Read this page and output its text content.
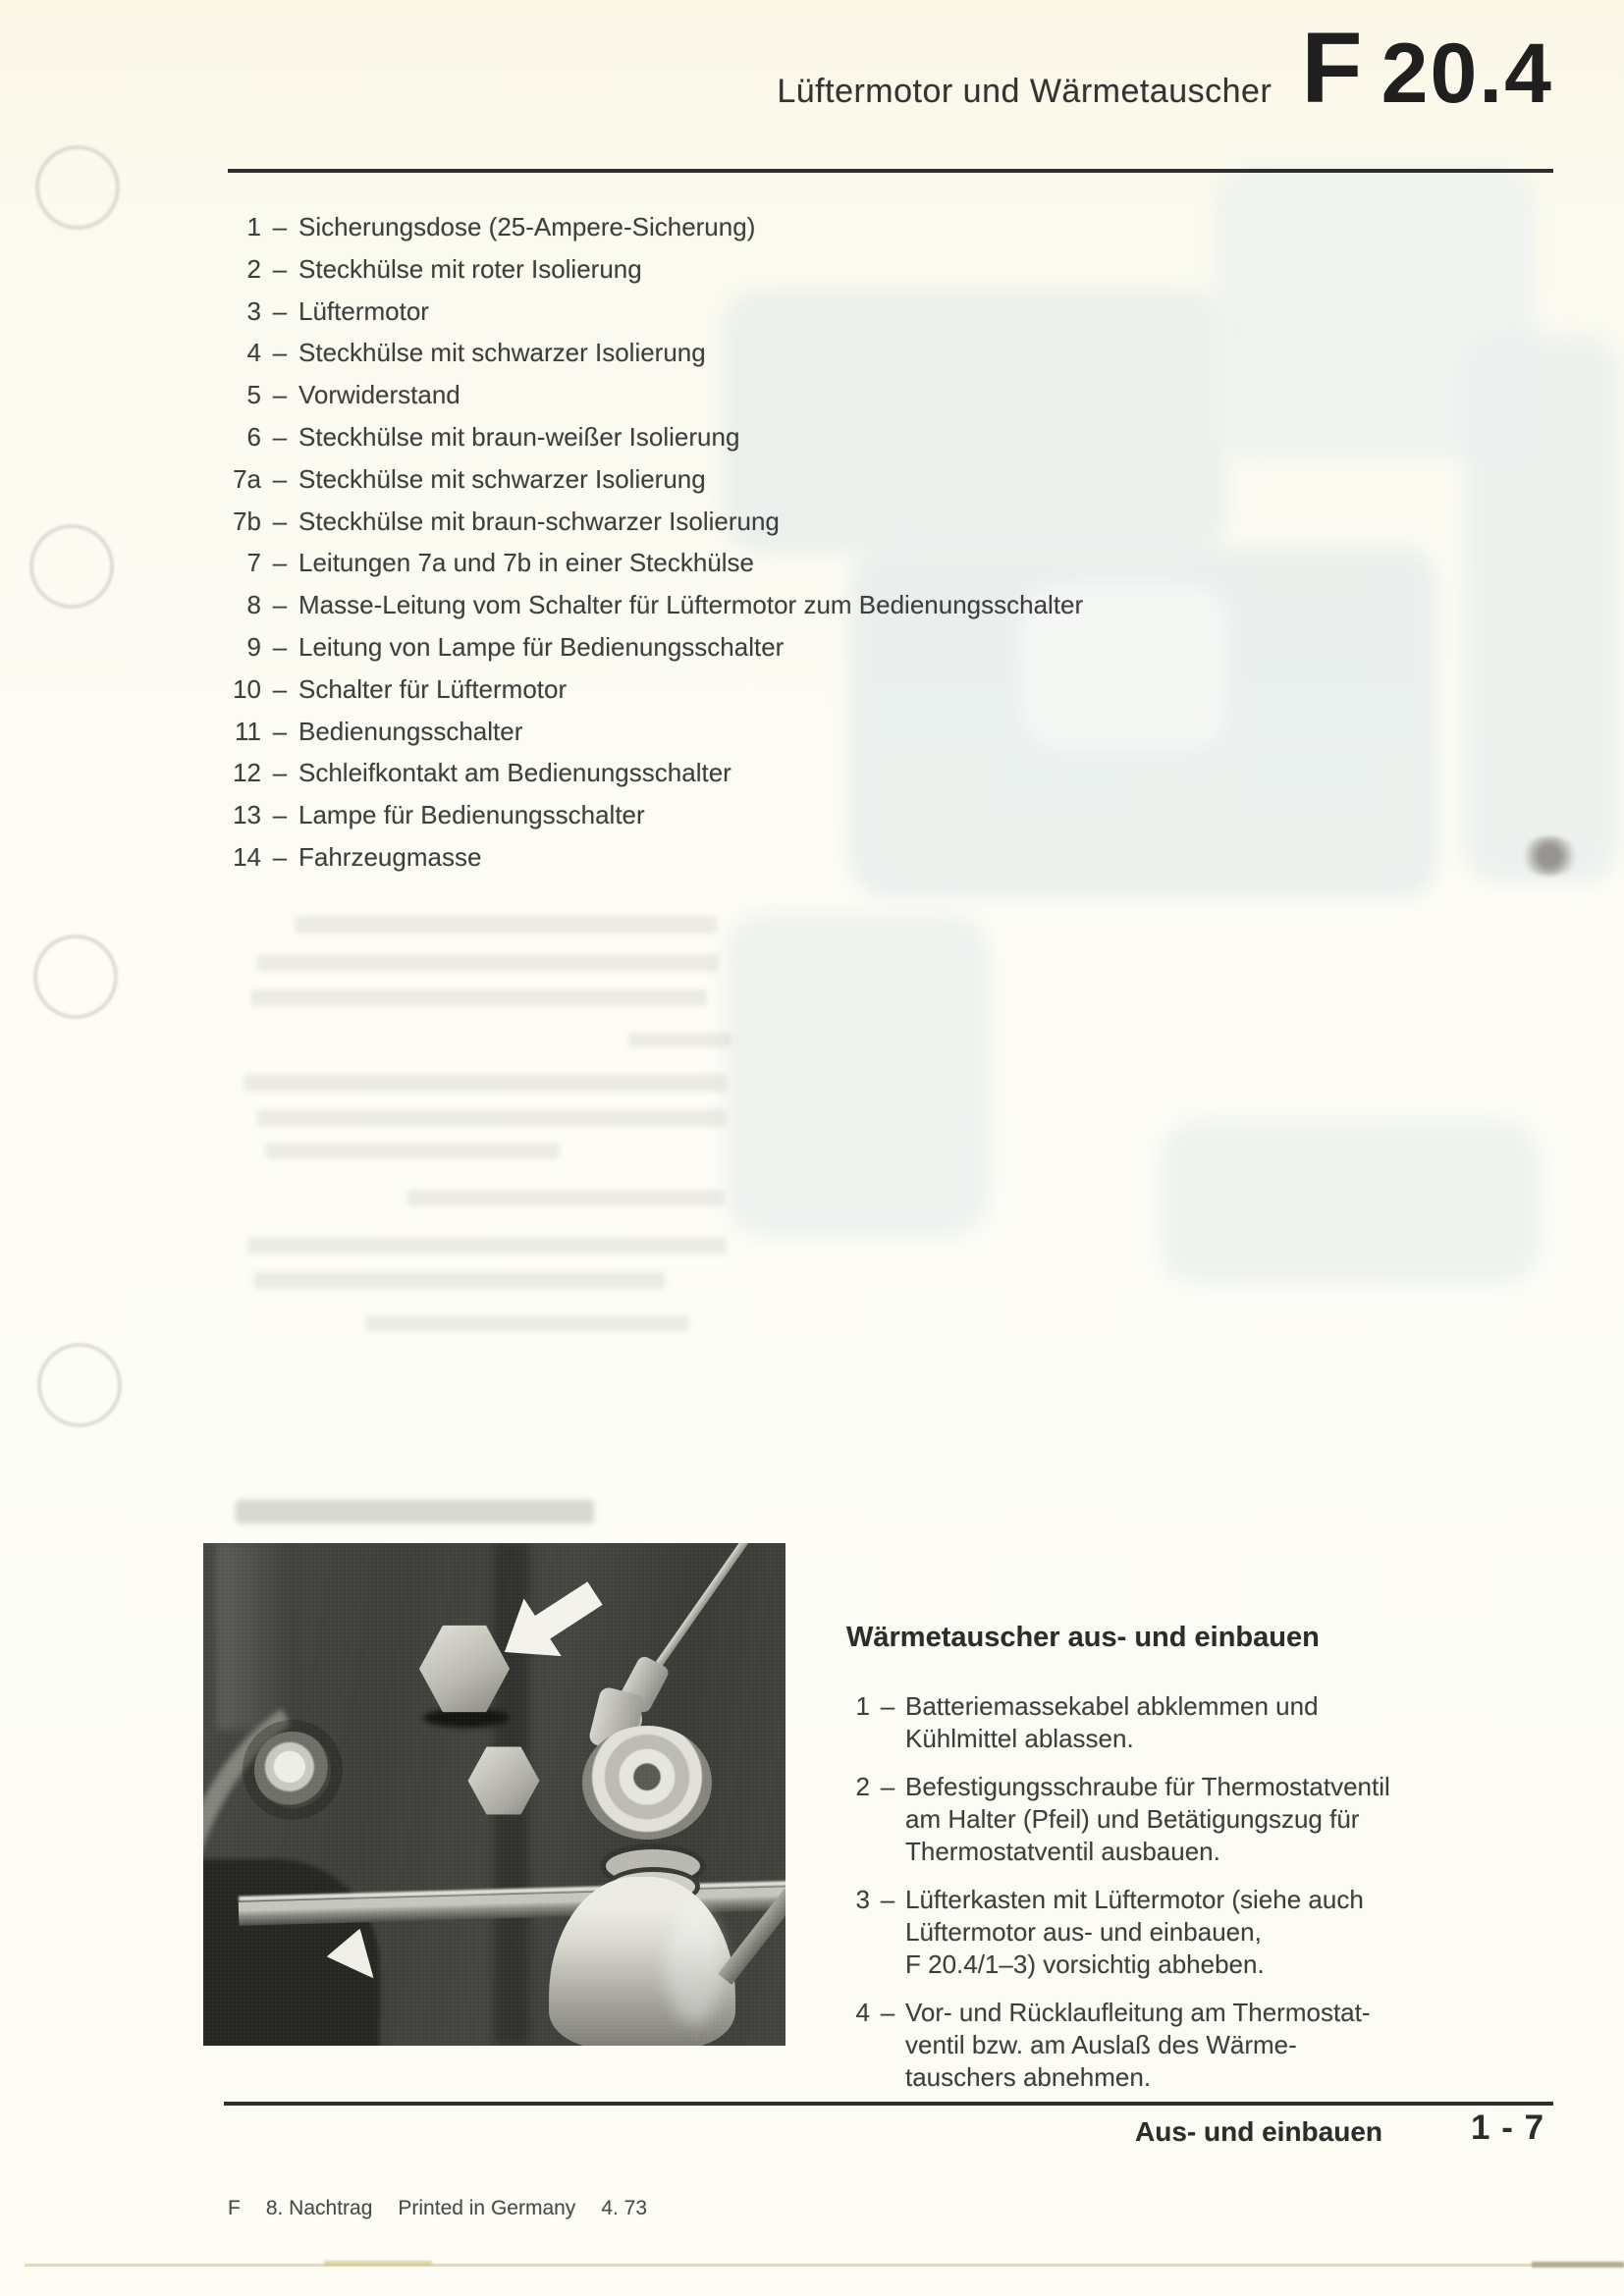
Lüftermotor und Wärmetauscher F 20.4
1 – Sicherungsdose (25-Ampere-Sicherung)
2 – Steckhülse mit roter Isolierung
3 – Lüftermotor
4 – Steckhülse mit schwarzer Isolierung
5 – Vorwiderstand
6 – Steckhülse mit braun-weißer Isolierung
7a – Steckhülse mit schwarzer Isolierung
7b – Steckhülse mit braun-schwarzer Isolierung
7 – Leitungen 7a und 7b in einer Steckhülse
8 – Masse-Leitung vom Schalter für Lüftermotor zum Bedienungsschalter
9 – Leitung von Lampe für Bedienungsschalter
10 – Schalter für Lüftermotor
11 – Bedienungsschalter
12 – Schleifkontakt am Bedienungsschalter
13 – Lampe für Bedienungsschalter
14 – Fahrzeugmasse
Wärmetauscher aus- und einbauen
1 – Batteriemassekabel abklemmen und
Kühlmittel ablassen.
2 – Befestigungsschraube für Thermostatventil
am Halter (Pfeil) und Betätigungszug für
Thermostatventil ausbauen.
3 – Lüfterkasten mit Lüftermotor (siehe auch
Lüftermotor aus- und einbauen,
F 20.4/1–3) vorsichtig abheben.
4 – Vor- und Rücklaufleitung am Thermostat-
ventil bzw. am Auslaß des Wärme-
tauschers abnehmen.
Aus- und einbauen	1 - 7
F 8. Nachtrag Printed in Germany 4. 73
